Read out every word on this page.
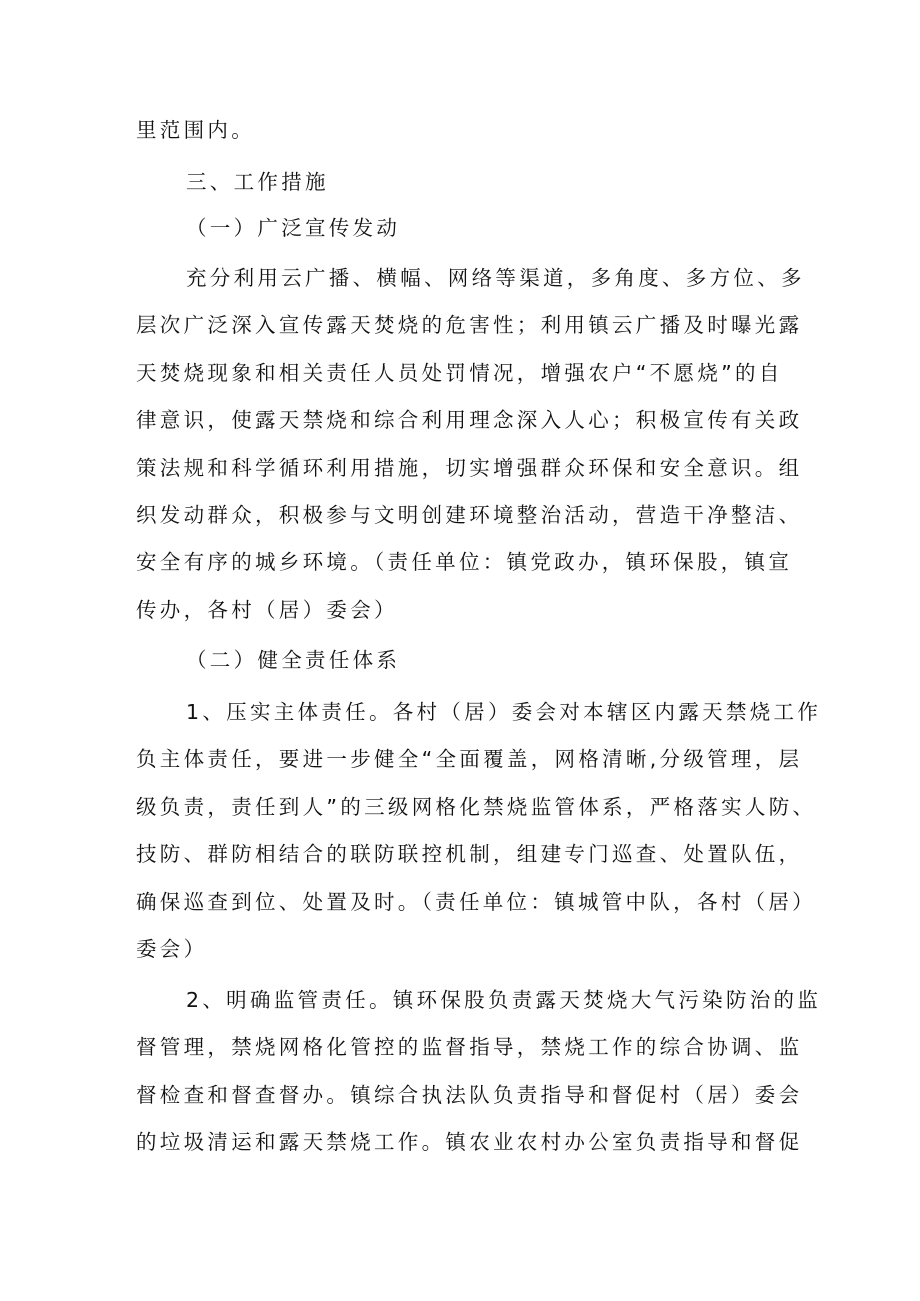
里范围内。
三、工作措施
（一）广泛宣传发动
充分利用云广播、横幅、网络等渠道，多角度、多方位、多
层次广泛深入宣传露天焚烧的危害性；利用镇云广播及时曝光露
天焚烧现象和相关责任人员处罚情况，增强农户“不愿烧”的自
律意识，使露天禁烧和综合利用理念深入人心；积极宣传有关政
策法规和科学循环利用措施，切实增强群众环保和安全意识。组
织发动群众，积极参与文明创建环境整治活动，营造干净整洁、
安全有序的城乡环境。（责任单位：镇党政办，镇环保股，镇宣
传办，各村（居）委会）
（二）健全责任体系
1、压实主体责任。各村（居）委会对本辖区内露天禁烧工作
负主体责任，要进一步健全“全面覆盖，网格清晰,分级管理，层
级负责，责任到人”的三级网格化禁烧监管体系，严格落实人防、
技防、群防相结合的联防联控机制，组建专门巡查、处置队伍，
确保巡查到位、处置及时。（责任单位：镇城管中队，各村（居）
委会）
2、明确监管责任。镇环保股负责露天焚烧大气污染防治的监
督管理，禁烧网格化管控的监督指导，禁烧工作的综合协调、监
督检查和督查督办。镇综合执法队负责指导和督促村（居）委会
的垃圾清运和露天禁烧工作。镇农业农村办公室负责指导和督促
